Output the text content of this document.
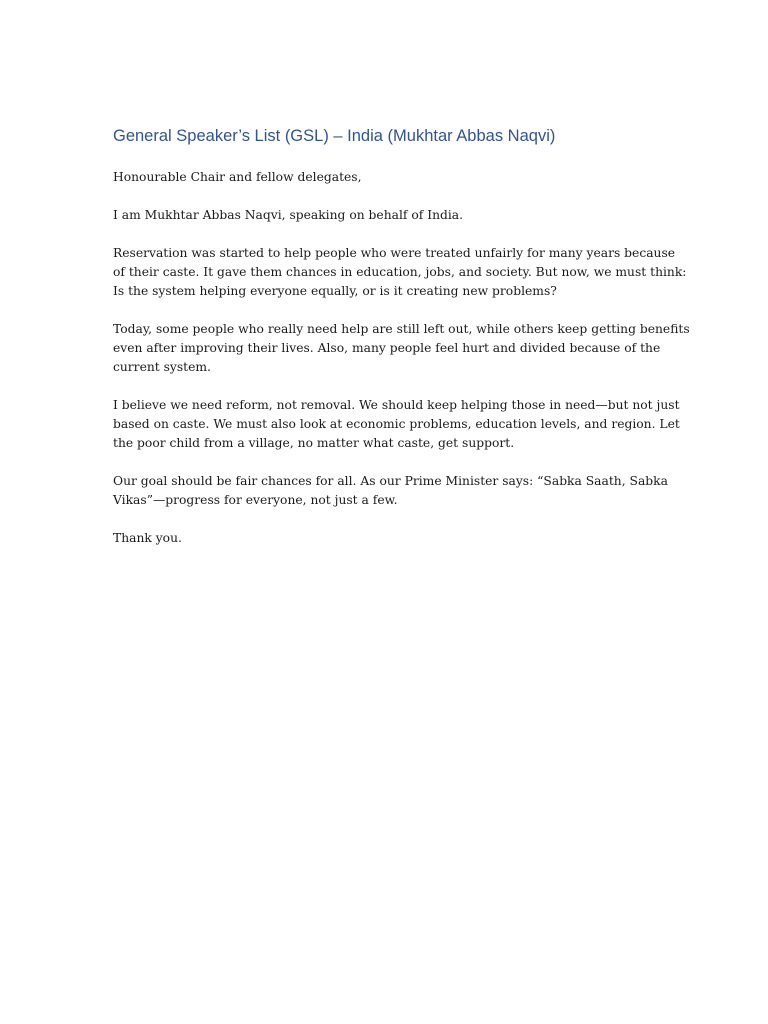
General Speaker’s List (GSL) – India (Mukhtar Abbas Naqvi)

Honourable Chair and fellow delegates,

I am Mukhtar Abbas Naqvi, speaking on behalf of India.

Reservation was started to help people who were treated unfairly for many years because
of their caste. It gave them chances in education, jobs, and society. But now, we must think:
Is the system helping everyone equally, or is it creating new problems?

Today, some people who really need help are still left out, while others keep getting benefits
even after improving their lives. Also, many people feel hurt and divided because of the
current system.

I believe we need reform, not removal. We should keep helping those in need—but not just
based on caste. We must also look at economic problems, education levels, and region. Let
the poor child from a village, no matter what caste, get support.

Our goal should be fair chances for all. As our Prime Minister says: “Sabka Saath, Sabka
Vikas”—progress for everyone, not just a few.

Thank you.
